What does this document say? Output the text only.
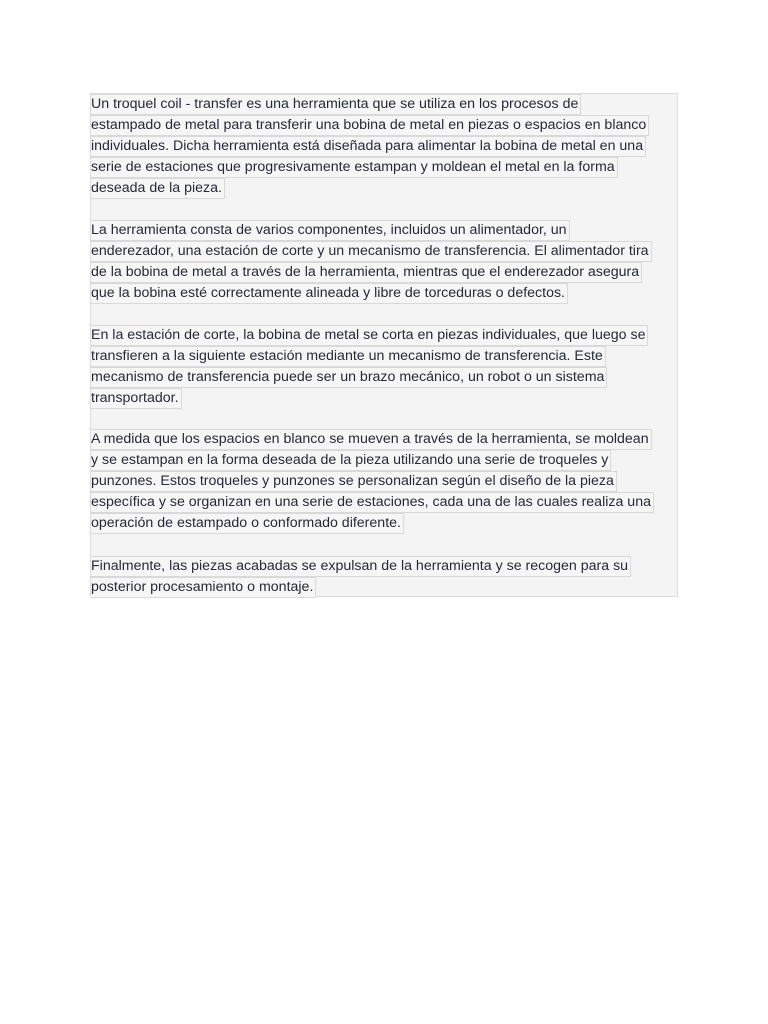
Un troquel coil - transfer es una herramienta que se utiliza en los procesos de
estampado de metal para transferir una bobina de metal en piezas o espacios en blanco
individuales. Dicha herramienta está diseñada para alimentar la bobina de metal en una
serie de estaciones que progresivamente estampan y moldean el metal en la forma
deseada de la pieza.
La herramienta consta de varios componentes, incluidos un alimentador, un
enderezador, una estación de corte y un mecanismo de transferencia. El alimentador tira
de la bobina de metal a través de la herramienta, mientras que el enderezador asegura
que la bobina esté correctamente alineada y libre de torceduras o defectos.
En la estación de corte, la bobina de metal se corta en piezas individuales, que luego se
transfieren a la siguiente estación mediante un mecanismo de transferencia. Este
mecanismo de transferencia puede ser un brazo mecánico, un robot o un sistema
transportador.
A medida que los espacios en blanco se mueven a través de la herramienta, se moldean
y se estampan en la forma deseada de la pieza utilizando una serie de troqueles y
punzones. Estos troqueles y punzones se personalizan según el diseño de la pieza
específica y se organizan en una serie de estaciones, cada una de las cuales realiza una
operación de estampado o conformado diferente.
Finalmente, las piezas acabadas se expulsan de la herramienta y se recogen para su
posterior procesamiento o montaje.
